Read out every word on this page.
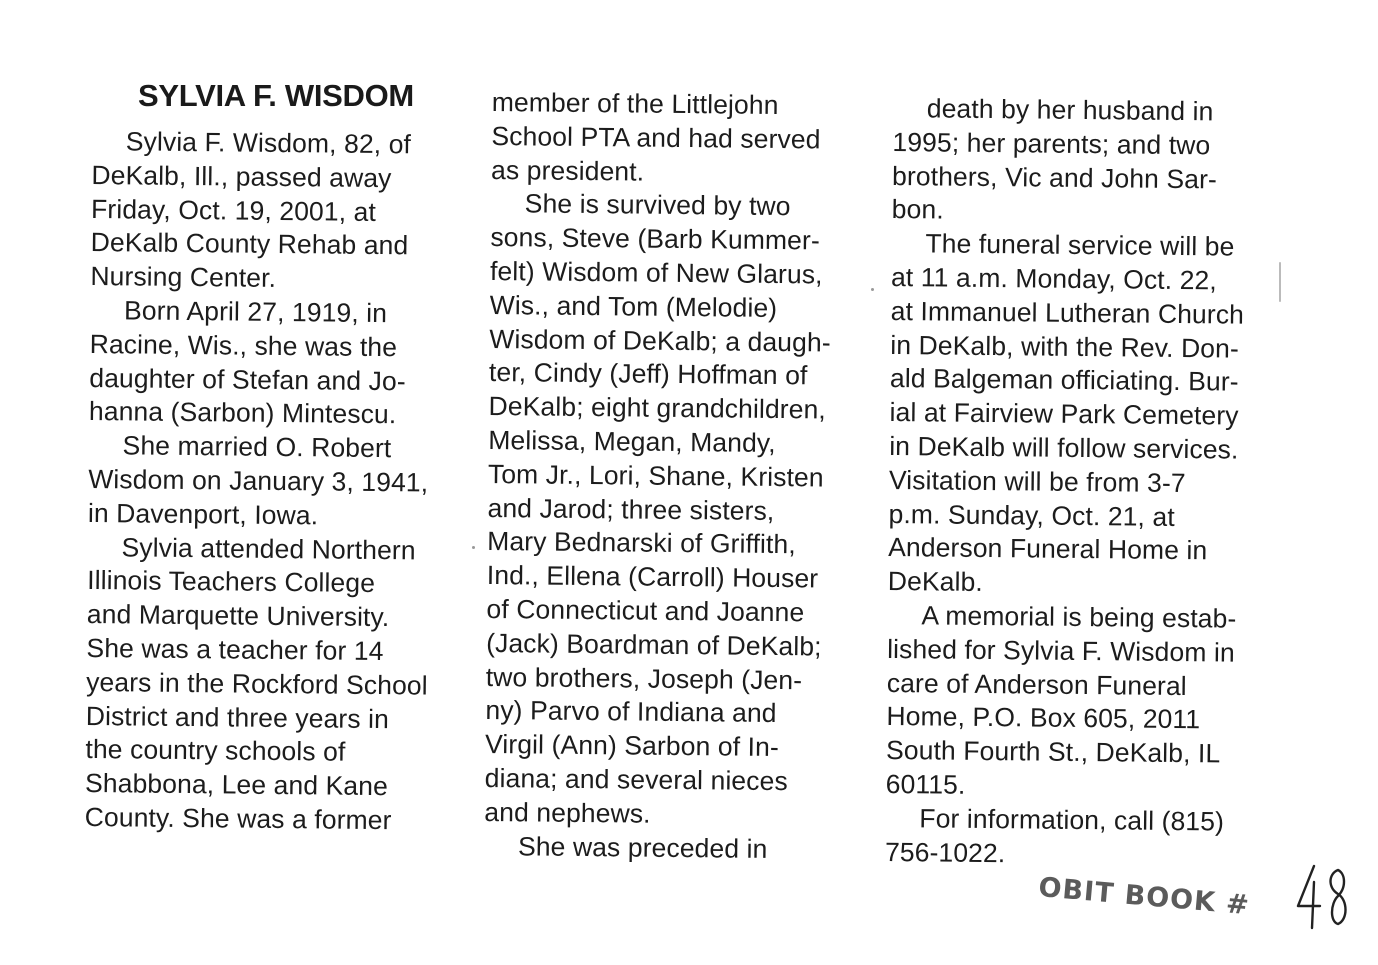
SYLVIA F. WISDOM
Sylvia F. Wisdom, 82, of
DeKalb, Ill., passed away
Friday, Oct. 19, 2001, at
DeKalb County Rehab and
Nursing Center.
Born April 27, 1919, in
Racine, Wis., she was the
daughter of Stefan and Jo-
hanna (Sarbon) Mintescu.
She married O. Robert
Wisdom on January 3, 1941,
in Davenport, Iowa.
Sylvia attended Northern
Illinois Teachers College
and Marquette University.
She was a teacher for 14
years in the Rockford School
District and three years in
the country schools of
Shabbona, Lee and Kane
County. She was a former
member of the Littlejohn
School PTA and had served
as president.
She is survived by two
sons, Steve (Barb Kummer-
felt) Wisdom of New Glarus,
Wis., and Tom (Melodie)
Wisdom of DeKalb; a daugh-
ter, Cindy (Jeff) Hoffman of
DeKalb; eight grandchildren,
Melissa, Megan, Mandy,
Tom Jr., Lori, Shane, Kristen
and Jarod; three sisters,
Mary Bednarski of Griffith,
Ind., Ellena (Carroll) Houser
of Connecticut and Joanne
(Jack) Boardman of DeKalb;
two brothers, Joseph (Jen-
ny) Parvo of Indiana and
Virgil (Ann) Sarbon of In-
diana; and several nieces
and nephews.
She was preceded in
death by her husband in
1995; her parents; and two
brothers, Vic and John Sar-
bon.
The funeral service will be
at 11 a.m. Monday, Oct. 22,
at Immanuel Lutheran Church
in DeKalb, with the Rev. Don-
ald Balgeman officiating. Bur-
ial at Fairview Park Cemetery
in DeKalb will follow services.
Visitation will be from 3-7
p.m. Sunday, Oct. 21, at
Anderson Funeral Home in
DeKalb.
A memorial is being estab-
lished for Sylvia F. Wisdom in
care of Anderson Funeral
Home, P.O. Box 605, 2011
South Fourth St., DeKalb, IL
60115.
For information, call (815)
756-1022.
OBIT BOOK #
